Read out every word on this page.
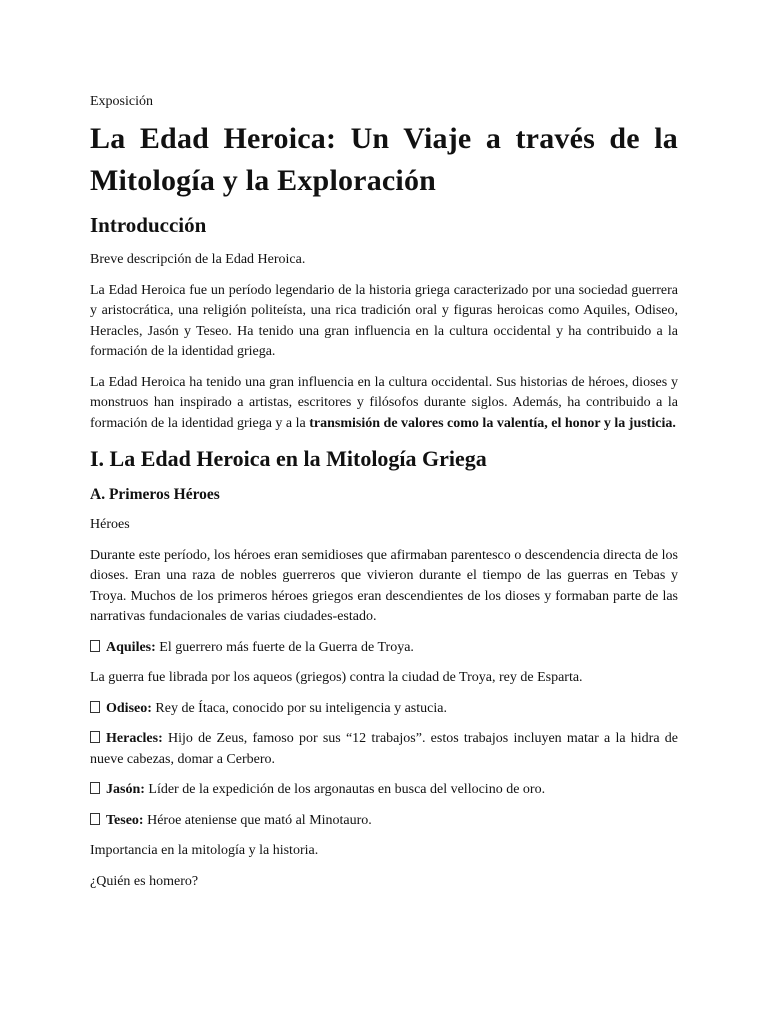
Exposición
La Edad Heroica: Un Viaje a través de la
Mitología y la Exploración
Introducción

Breve descripción de la Edad Heroica.

La Edad Heroica fue un período legendario de la historia griega caracterizado por una sociedad guerrera y aristocrática, una religión politeísta, una rica tradición oral y figuras heroicas como Aquiles, Odiseo, Heracles, Jasón y Teseo. Ha tenido una gran influencia en la cultura occidental y ha contribuido a la formación de la identidad griega.

La Edad Heroica ha tenido una gran influencia en la cultura occidental. Sus historias de héroes, dioses y monstruos han inspirado a artistas, escritores y filósofos durante siglos. Además, ha contribuido a la formación de la identidad griega y a la transmisión de valores como la valentía, el honor y la justicia.

I. La Edad Heroica en la Mitología Griega
A. Primeros Héroes

Héroes

Durante este período, los héroes eran semidioses que afirmaban parentesco o descendencia directa de los dioses. Eran una raza de nobles guerreros que vivieron durante el tiempo de las guerras en Tebas y Troya. Muchos de los primeros héroes griegos eran descendientes de los dioses y formaban parte de las narrativas fundacionales de varias ciudades-estado.

Aquiles: El guerrero más fuerte de la Guerra de Troya.

La guerra fue librada por los aqueos (griegos) contra la ciudad de Troya, rey de Esparta.

Odiseo: Rey de Ítaca, conocido por su inteligencia y astucia.
Heracles: Hijo de Zeus, famoso por sus “12 trabajos”. estos trabajos incluyen matar a la hidra de nueve cabezas, domar a Cerbero.
Jasón: Líder de la expedición de los argonautas en busca del vellocino de oro.
Teseo: Héroe ateniense que mató al Minotauro.

Importancia en la mitología y la historia.

¿Quién es homero?
